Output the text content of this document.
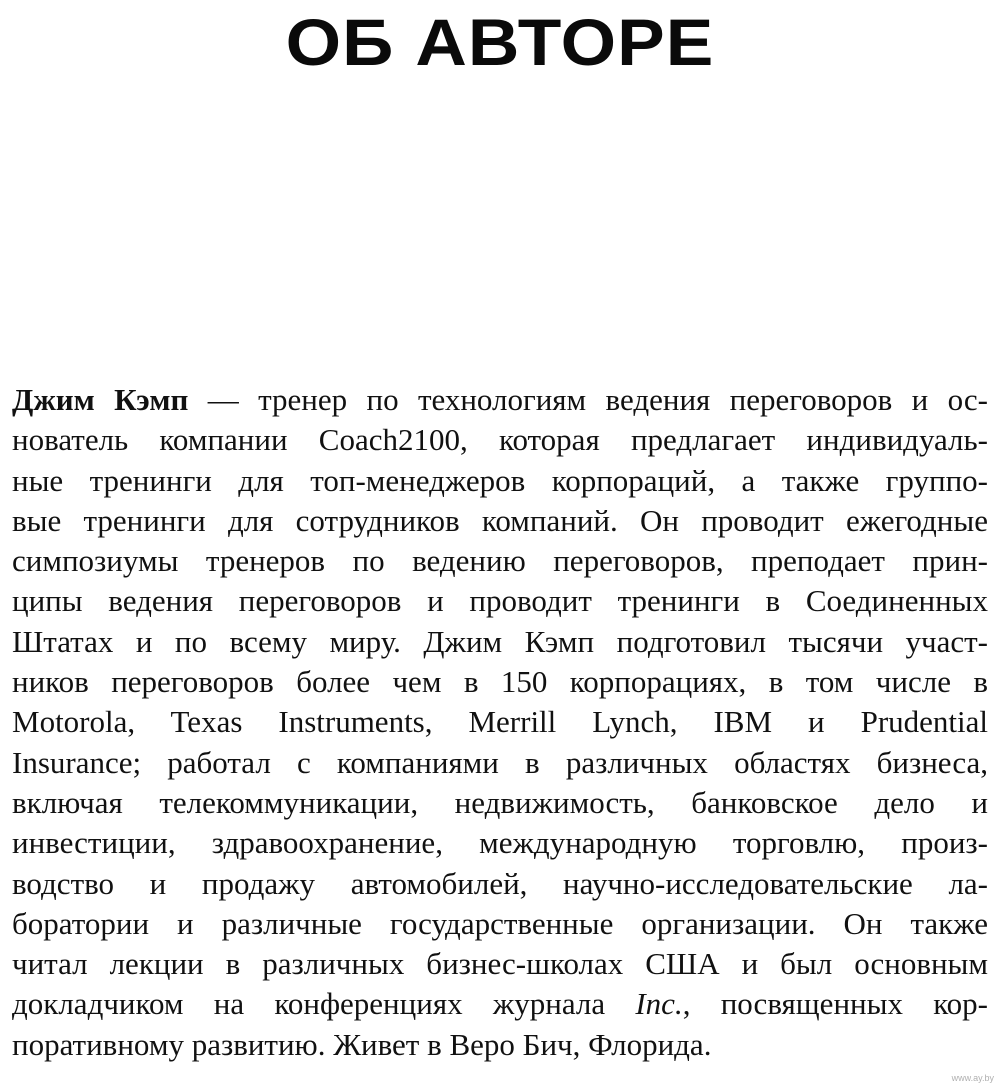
ОБ АВТОРЕ
Джим Кэмп — тренер по технологиям ведения переговоров и ос-
нователь компании Coach2100, которая предлагает индивидуаль-
ные тренинги для топ-менеджеров корпораций, а также группо-
вые тренинги для сотрудников компаний. Он проводит ежегодные
симпозиумы тренеров по ведению переговоров, преподает прин-
ципы ведения переговоров и проводит тренинги в Соединенных
Штатах и по всему миру. Джим Кэмп подготовил тысячи участ-
ников переговоров более чем в 150 корпорациях, в том числе в
Motorola, Texas Instruments, Merrill Lynch, IBM и Prudential
Insurance; работал с компаниями в различных областях бизнеса,
включая телекоммуникации, недвижимость, банковское дело и
инвестиции, здравоохранение, международную торговлю, произ-
водство и продажу автомобилей, научно-исследовательские ла-
боратории и различные государственные организации. Он также
читал лекции в различных бизнес-школах США и был основным
докладчиком на конференциях журнала Inc., посвященных кор-
поративному развитию. Живет в Веро Бич, Флорида.
www.ay.by
